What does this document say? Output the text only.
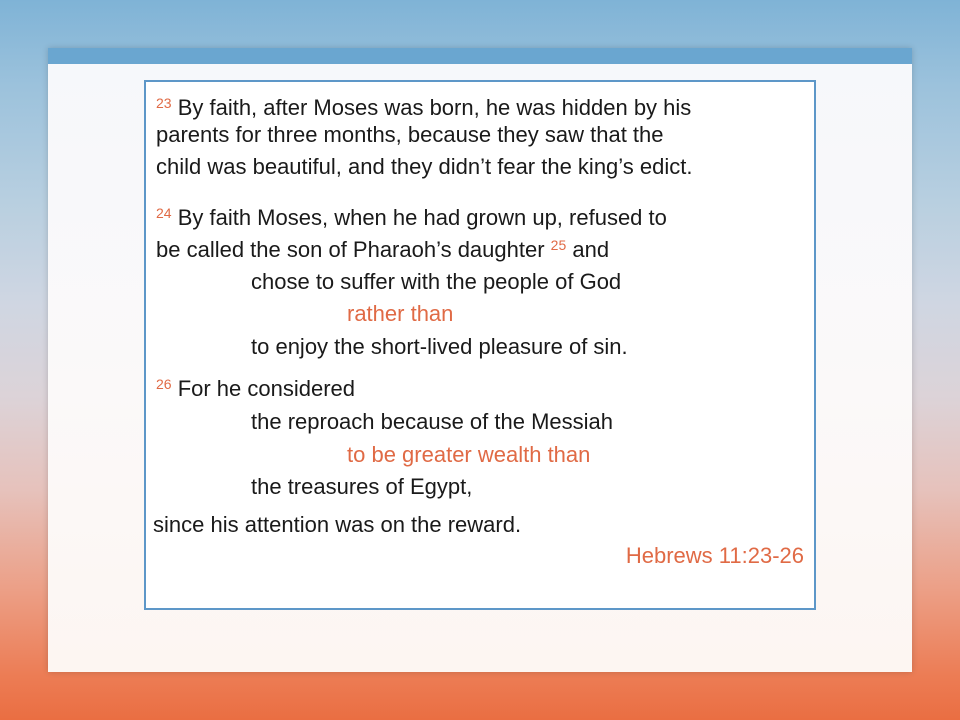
$^{23}$ By faith, after Moses was born, he was hidden by his
parents for three months, because they saw that the
child was beautiful, and they didn’t fear the king’s edict.
$^{24}$ By faith Moses, when he had grown up, refused to
be called the son of Pharaoh’s daughter $^{25}$ and
chose to suffer with the people of God
rather than
to enjoy the short-lived pleasure of sin.
$^{26}$ For he considered
the reproach because of the Messiah
to be greater wealth than
the treasures of Egypt,
since his attention was on the reward.
Hebrews 11:23-26
